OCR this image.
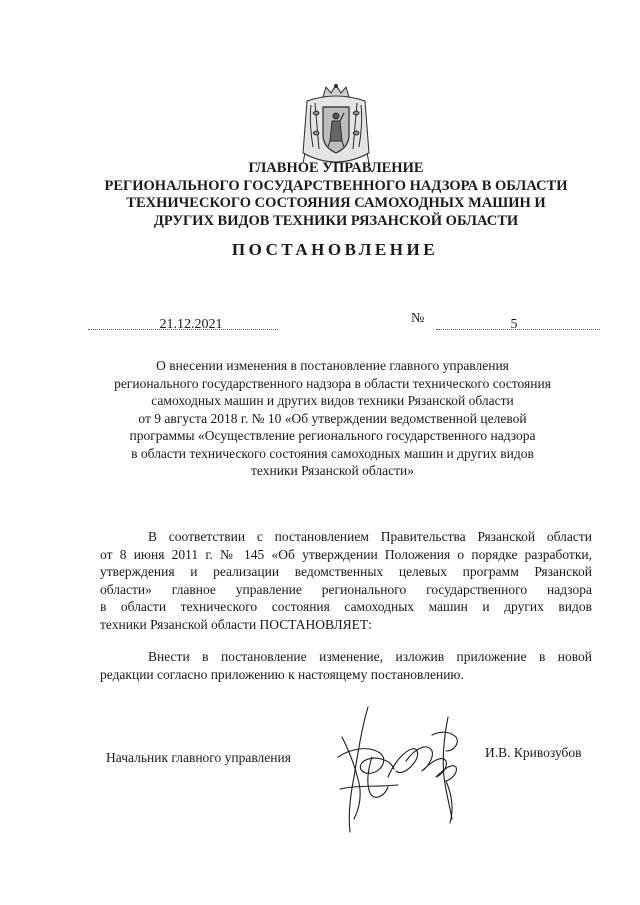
ГЛАВНОЕ УПРАВЛЕНИЕ
РЕГИОНАЛЬНОГО ГОСУДАРСТВЕННОГО НАДЗОРА В ОБЛАСТИ
ТЕХНИЧЕСКОГО СОСТОЯНИЯ САМОХОДНЫХ МАШИН И
ДРУГИХ ВИДОВ ТЕХНИКИ РЯЗАНСКОЙ ОБЛАСТИ
ПОСТАНОВЛЕНИЕ
21.12.2021	№	5
О внесении изменения в постановление главного управления
регионального государственного надзора в области технического состояния
самоходных машин и других видов техники Рязанской области
от 9 августа 2018 г. № 10 «Об утверждении ведомственной целевой
программы «Осуществление регионального государственного надзора
в области технического состояния самоходных машин и других видов
техники Рязанской области»
В соответствии с постановлением Правительства Рязанской области
от 8 июня 2011 г. № 145 «Об утверждении Положения о порядке разработки,
утверждения и реализации ведомственных целевых программ Рязанской
области» главное управление регионального государственного надзора
в области технического состояния самоходных машин и других видов
техники Рязанской области ПОСТАНОВЛЯЕТ:
Внести в постановление изменение, изложив приложение в новой
редакции согласно приложению к настоящему постановлению.
Начальник главного управления	И.В. Кривозубов
